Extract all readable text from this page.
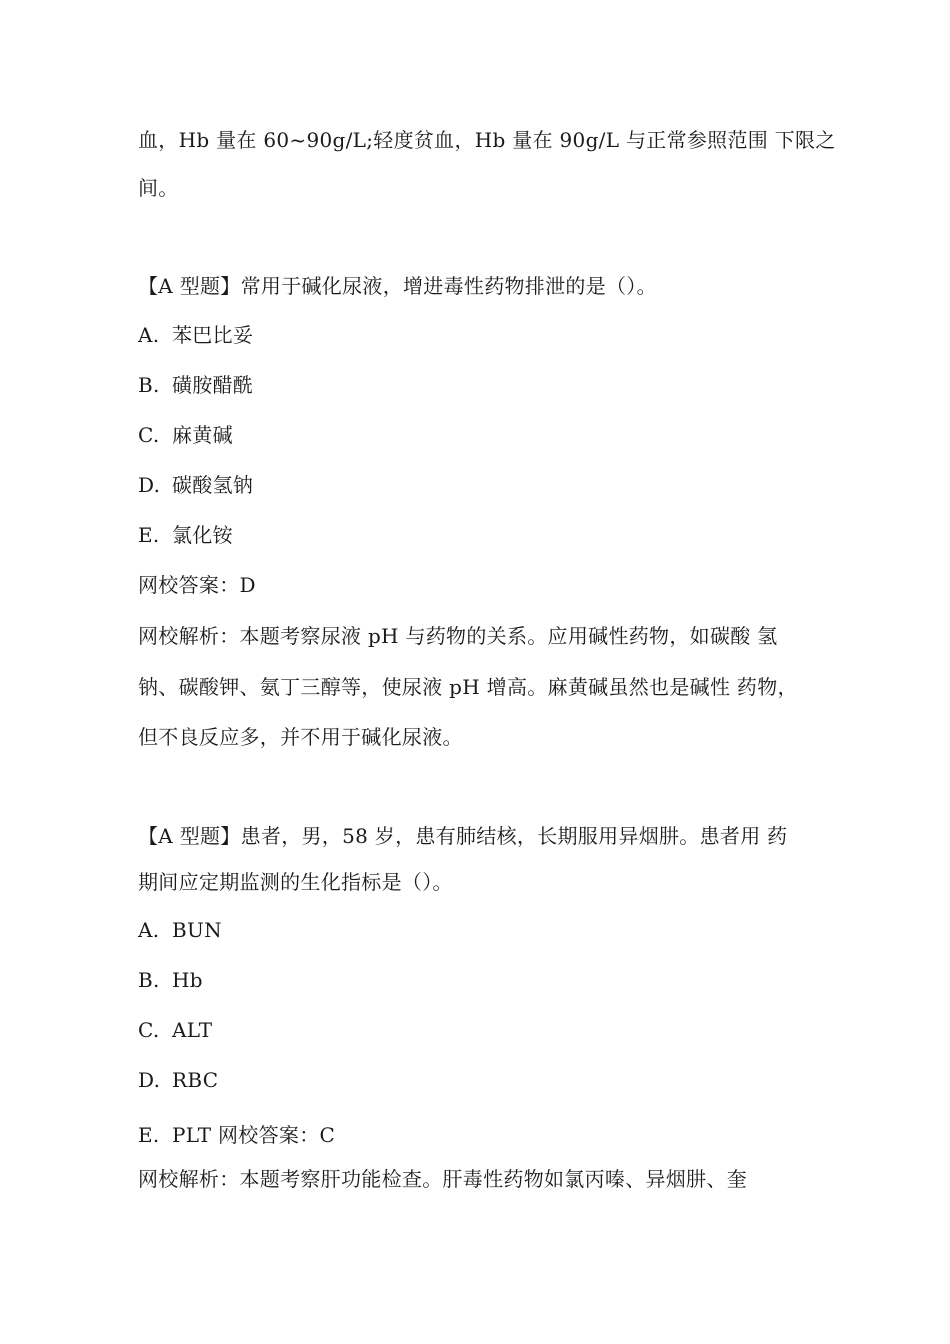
血，Hb 量在 60~90g/L;轻度贫血，Hb 量在 90g/L 与正常参照范围 下限之
间。
【A 型题】常用于碱化尿液，增进毒性药物排泄的是（）。
A. 苯巴比妥
B. 磺胺醋酰
C. 麻黄碱
D. 碳酸氢钠
E. 氯化铵
网校答案：D
网校解析：本题考察尿液 pH 与药物的关系。应用碱性药物，如碳酸 氢
钠、碳酸钾、氨丁三醇等，使尿液 pH 增高。麻黄碱虽然也是碱性 药物，
但不良反应多，并不用于碱化尿液。
【A 型题】患者，男，58 岁，患有肺结核，长期服用异烟肼。患者用 药
期间应定期监测的生化指标是（）。
A. BUN
B. Hb
C. ALT
D. RBC
E. PLT 网校答案：C
网校解析：本题考察肝功能检查。肝毒性药物如氯丙嗪、异烟肼、奎
